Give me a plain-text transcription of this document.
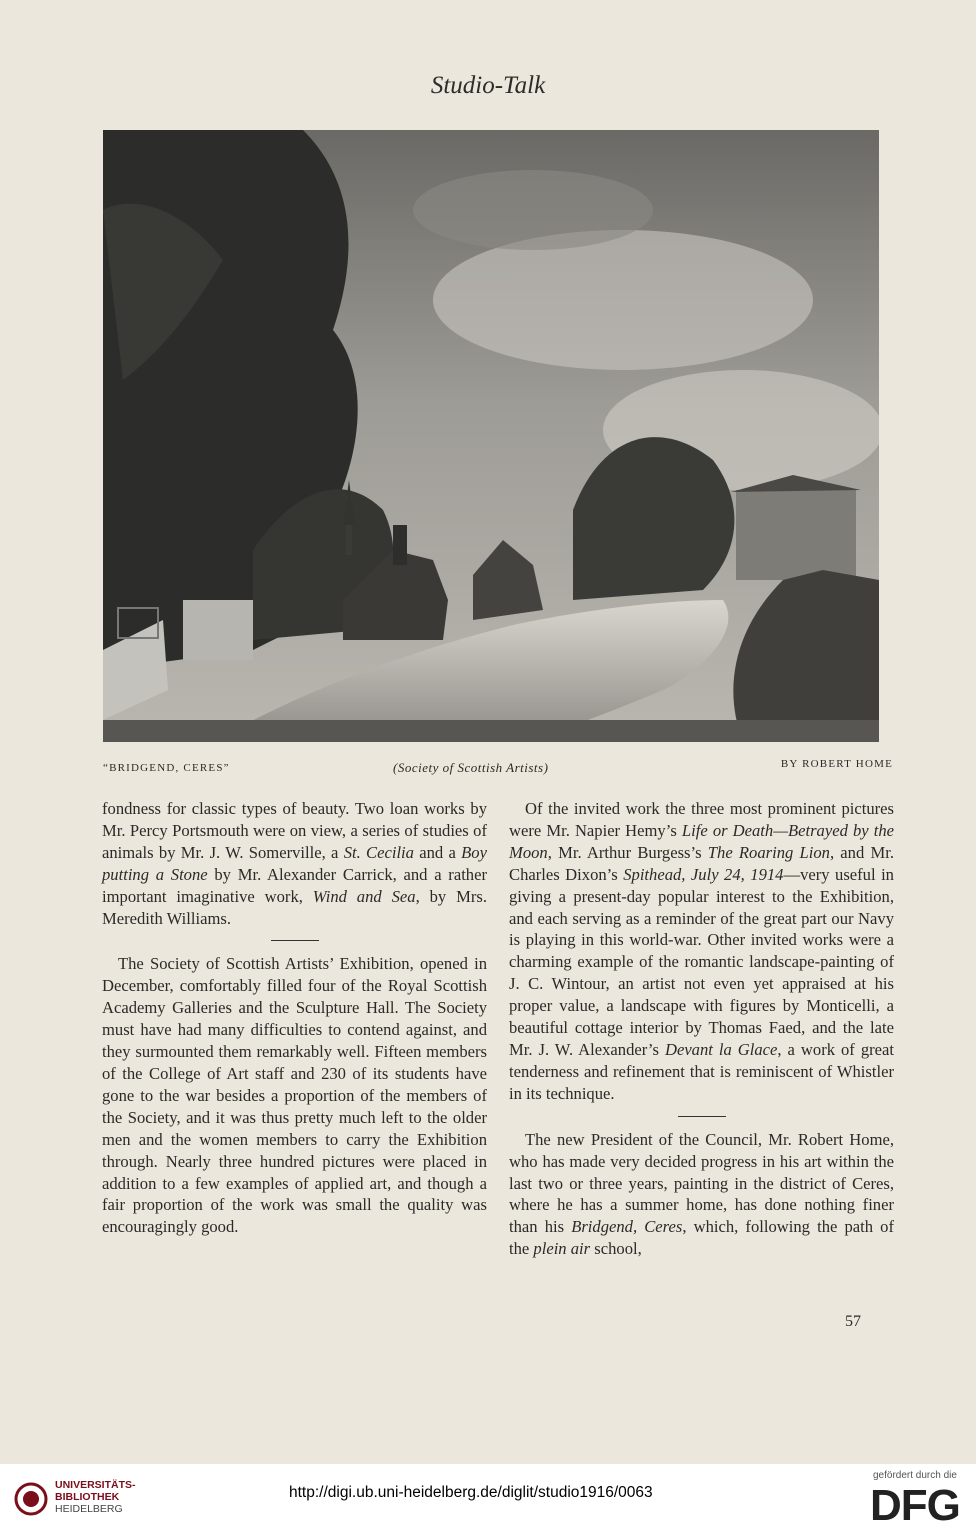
Studio-Talk
“BRIDGEND, CERES”	(Society of Scottish Artists)	BY ROBERT HOME

fondness for classic types of beauty. Two loan works by Mr. Percy Portsmouth were on view, a series of studies of animals by Mr. J. W. Somerville, a St. Cecilia and a Boy putting a Stone by Mr. Alexander Carrick, and a rather important imaginative work, Wind and Sea, by Mrs. Meredith Williams.

The Society of Scottish Artists’ Exhibition, opened in December, comfortably filled four of the Royal Scottish Academy Galleries and the Sculpture Hall. The Society must have had many difficulties to contend against, and they surmounted them remarkably well. Fifteen members of the College of Art staff and 230 of its students have gone to the war besides a proportion of the members of the Society, and it was thus pretty much left to the older men and the women members to carry the Exhibition through. Nearly three hundred pictures were placed in addition to a few examples of applied art, and though a fair proportion of the work was small the quality was encouragingly good.

Of the invited work the three most prominent pictures were Mr. Napier Hemy’s Life or Death—Betrayed by the Moon, Mr. Arthur Burgess’s The Roaring Lion, and Mr. Charles Dixon’s Spithead, July 24, 1914—very useful in giving a present-day popular interest to the Exhibition, and each serving as a reminder of the great part our Navy is playing in this world-war. Other invited works were a charming example of the romantic landscape-painting of J. C. Wintour, an artist not even yet appraised at his proper value, a landscape with figures by Monticelli, a beautiful cottage interior by Thomas Faed, and the late Mr. J. W. Alexander’s Devant la Glace, a work of great tenderness and refinement that is reminiscent of Whistler in its technique.

The new President of the Council, Mr. Robert Home, who has made very decided progress in his art within the last two or three years, painting in the district of Ceres, where he has a summer home, has done nothing finer than his Bridgend, Ceres, which, following the path of the plein air school,

57
UNIVERSITÄTS-
BIBLIOTHEK
HEIDELBERG
http://digi.ub.uni-heidelberg.de/diglit/studio1916/0063
gefördert durch die
DFG
